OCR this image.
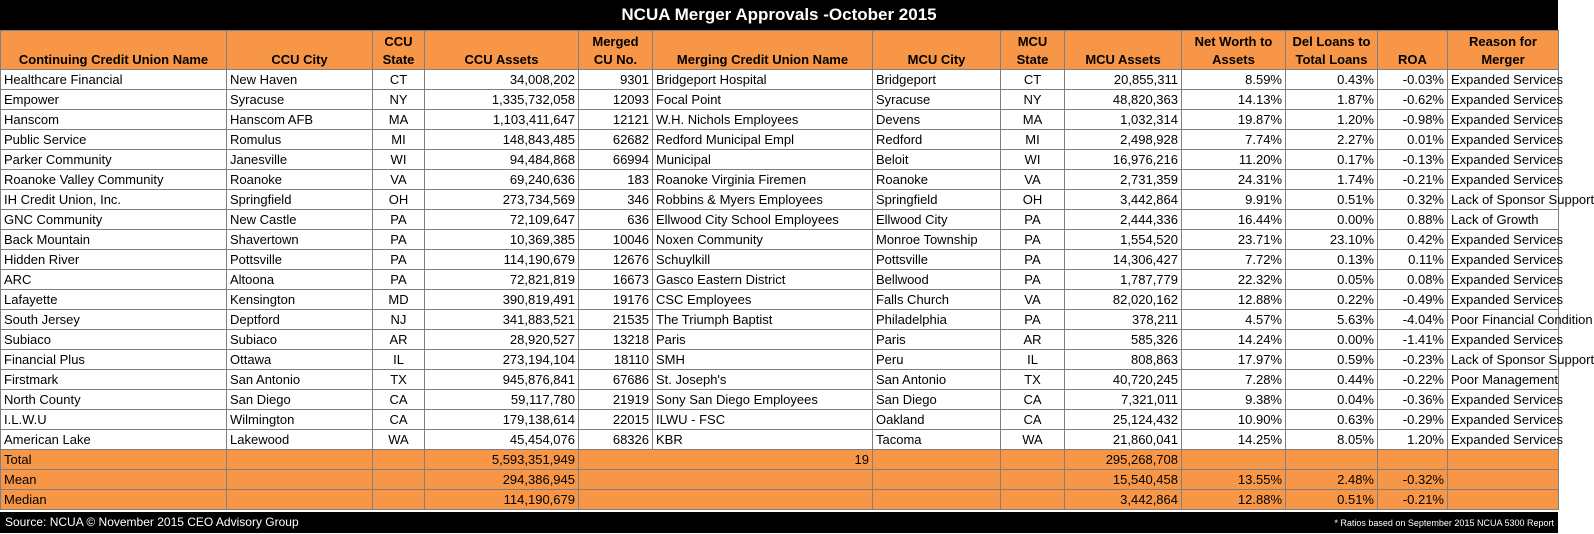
NCUA Merger Approvals -October 2015
Continuing Credit Union Name	CCU City	CCU State	CCU Assets	Merged CU No.	Merging Credit Union Name	MCU City	MCU State	MCU Assets	Net Worth to Assets	Del Loans to Total Loans	ROA	Reason for Merger
Healthcare Financial	New Haven	CT	34,008,202	9301	Bridgeport Hospital	Bridgeport	CT	20,855,311	8.59%	0.43%	-0.03%	Expanded Services
Empower	Syracuse	NY	1,335,732,058	12093	Focal Point	Syracuse	NY	48,820,363	14.13%	1.87%	-0.62%	Expanded Services
Hanscom	Hanscom AFB	MA	1,103,411,647	12121	W.H. Nichols Employees	Devens	MA	1,032,314	19.87%	1.20%	-0.98%	Expanded Services
Public Service	Romulus	MI	148,843,485	62682	Redford Municipal Empl	Redford	MI	2,498,928	7.74%	2.27%	0.01%	Expanded Services
Parker Community	Janesville	WI	94,484,868	66994	Municipal	Beloit	WI	16,976,216	11.20%	0.17%	-0.13%	Expanded Services
Roanoke Valley Community	Roanoke	VA	69,240,636	183	Roanoke Virginia Firemen	Roanoke	VA	2,731,359	24.31%	1.74%	-0.21%	Expanded Services
IH Credit Union, Inc.	Springfield	OH	273,734,569	346	Robbins & Myers Employees	Springfield	OH	3,442,864	9.91%	0.51%	0.32%	Lack of Sponsor Support
GNC Community	New Castle	PA	72,109,647	636	Ellwood City School Employees	Ellwood City	PA	2,444,336	16.44%	0.00%	0.88%	Lack of Growth
Back Mountain	Shavertown	PA	10,369,385	10046	Noxen Community	Monroe Township	PA	1,554,520	23.71%	23.10%	0.42%	Expanded Services
Hidden River	Pottsville	PA	114,190,679	12676	Schuylkill	Pottsville	PA	14,306,427	7.72%	0.13%	0.11%	Expanded Services
ARC	Altoona	PA	72,821,819	16673	Gasco Eastern District	Bellwood	PA	1,787,779	22.32%	0.05%	0.08%	Expanded Services
Lafayette	Kensington	MD	390,819,491	19176	CSC Employees	Falls Church	VA	82,020,162	12.88%	0.22%	-0.49%	Expanded Services
South Jersey	Deptford	NJ	341,883,521	21535	The Triumph Baptist	Philadelphia	PA	378,211	4.57%	5.63%	-4.04%	Poor Financial Condition
Subiaco	Subiaco	AR	28,920,527	13218	Paris	Paris	AR	585,326	14.24%	0.00%	-1.41%	Expanded Services
Financial Plus	Ottawa	IL	273,194,104	18110	SMH	Peru	IL	808,863	17.97%	0.59%	-0.23%	Lack of Sponsor Support
Firstmark	San Antonio	TX	945,876,841	67686	St. Joseph's	San Antonio	TX	40,720,245	7.28%	0.44%	-0.22%	Poor Management
North County	San Diego	CA	59,117,780	21919	Sony San Diego Employees	San Diego	CA	7,321,011	9.38%	0.04%	-0.36%	Expanded Services
I.L.W.U	Wilmington	CA	179,138,614	22015	ILWU - FSC	Oakland	CA	25,124,432	10.90%	0.63%	-0.29%	Expanded Services
American Lake	Lakewood	WA	45,454,076	68326	KBR	Tacoma	WA	21,860,041	14.25%	8.05%	1.20%	Expanded Services
Total			5,593,351,949	19				295,268,708				
Mean			294,386,945					15,540,458	13.55%	2.48%	-0.32%	
Median			114,190,679					3,442,864	12.88%	0.51%	-0.21%	
Source: NCUA © November 2015 CEO Advisory Group	* Ratios based on September 2015 NCUA 5300 Report
